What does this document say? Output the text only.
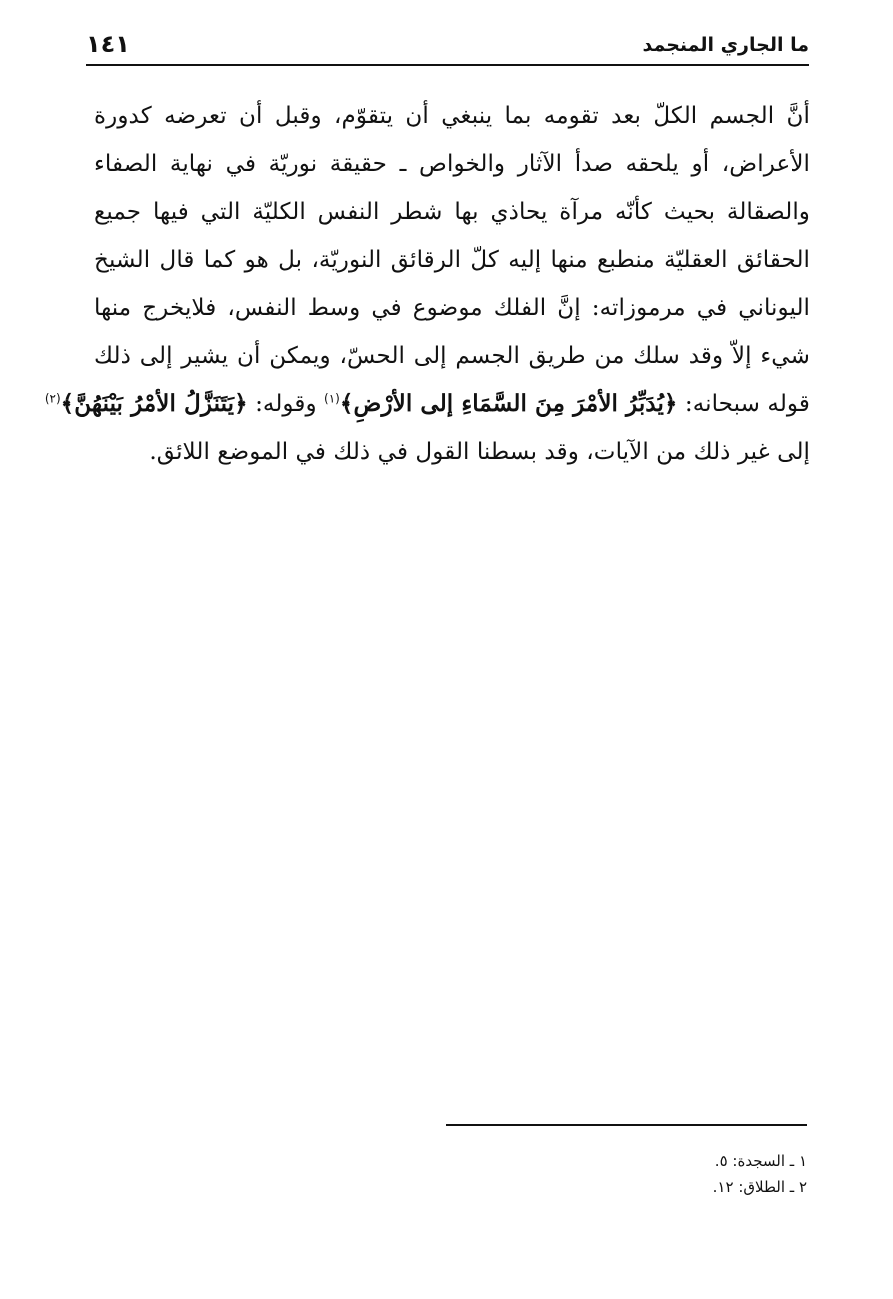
ما الجاري المنجمد
١٤١
أنَّ الجسم الكلّ بعد تقومه بما ينبغي أن يتقوّم، وقبل أن تعرضه كدورة
الأعراض، أو يلحقه صدأ الآثار والخواص ـ حقيقة نوريّة في نهاية الصفاء
والصقالة بحيث كأنّه مرآة يحاذي بها شطر النفس الكليّة التي فيها جميع
الحقائق العقليّة منطبع منها إليه كلّ الرقائق النوريّة، بل هو كما قال الشيخ
اليوناني في مرموزاته: إنَّ الفلك موضوع في وسط النفس، فلايخرج منها
شيء إلاّ وقد سلك من طريق الجسم إلى الحسّ، ويمكن أن يشير إلى ذلك
قوله سبحانه: ﴿يُدَبِّرُ الأمْرَ مِنَ السَّمَاءِ إلى الأرْضِ﴾$^{(١)}$ وقوله: ﴿يَتَنَزَّلُ الأمْرُ بَيْنَهُنَّ﴾$^{(٢)}$
إلى غير ذلك من الآيات، وقد بسطنا القول في ذلك في الموضع اللائق.
١ ـ السجدة: ٥.
٢ ـ الطلاق: ١٢.
